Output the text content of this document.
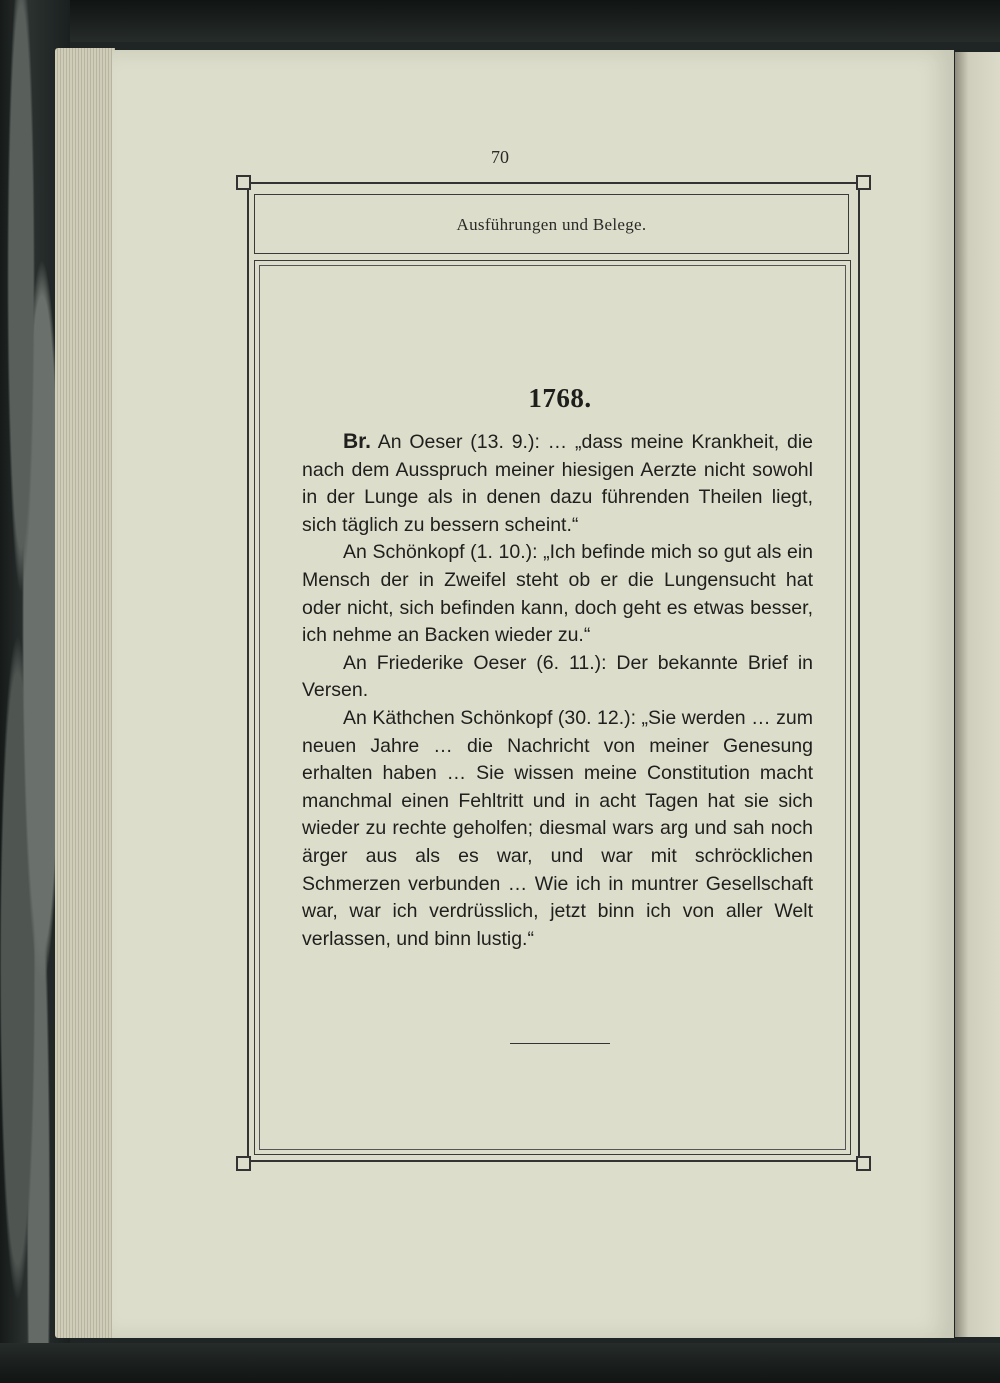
70
Ausführungen und Belege.
1768.

Br. An Oeser (13. 9.): … „dass meine Krankheit, die nach dem Ausspruch meiner hiesigen Aerzte nicht sowohl in der Lunge als in denen dazu führenden Theilen liegt, sich täglich zu bessern scheint.“

An Schönkopf (1. 10.): „Ich befinde mich so gut als ein Mensch der in Zweifel steht ob er die Lungensucht hat oder nicht, sich befinden kann, doch geht es etwas besser, ich nehme an Backen wieder zu.“

An Friederike Oeser (6. 11.): Der bekannte Brief in Versen.

An Käthchen Schönkopf (30. 12.): „Sie werden … zum neuen Jahre … die Nachricht von meiner Genesung erhalten haben … Sie wissen meine Constitution macht manchmal einen Fehltritt und in acht Tagen hat sie sich wieder zu rechte geholfen; diesmal wars arg und sah noch ärger aus als es war, und war mit schröcklichen Schmerzen verbunden … Wie ich in muntrer Gesellschaft war, war ich verdrüsslich, jetzt binn ich von aller Welt verlassen, und binn lustig.“
